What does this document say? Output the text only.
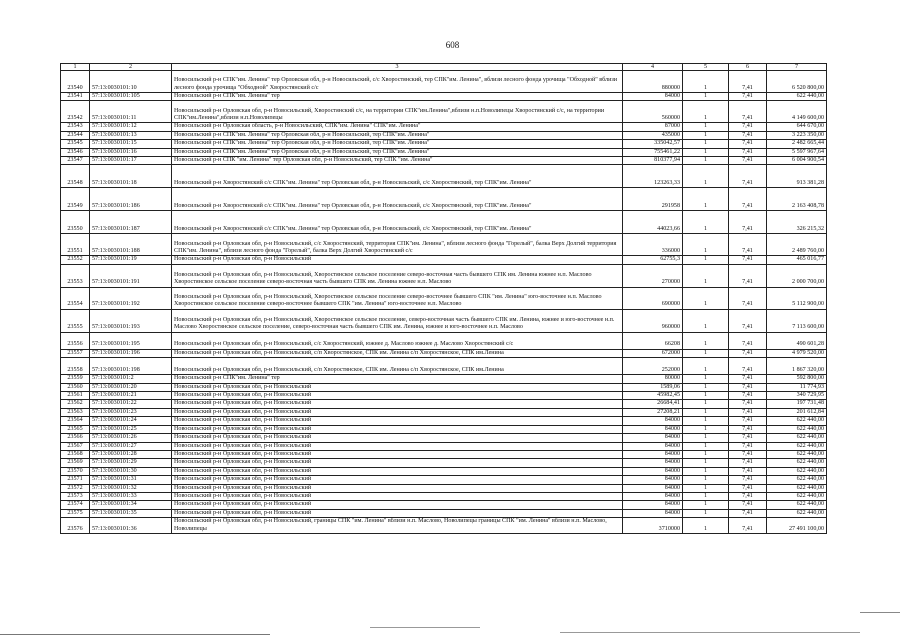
608
1	2	3	4	5	6	7
23540	57:13:0030101:10	Новосильский р-н СПК"им. Ленина" тер Орловская обл, р-н Новосильский, с/с Хворостянский, тер СПК"им. Ленина", вблизи лесного фонда урочища "Обходной" вблизи лесного фонда урочища "Обходной" Хворостянский с/с	880000	1	7,41	6 520 800,00
23541	57:13:0030101:105	Новосильский р-н СПК"им. Ленина" тер	84000	1	7,41	622 440,00
23542	57:13:0030101:11	Новосильский р-н Орловская обл, р-н Новосильский, Хворостянский с/с, на территории СПК"им.Ленина",вблизи н.п.Новолипецы Хворостянский с/с, на территории СПК"им.Ленина",вблизи н.п.Новолипецы	560000	1	7,41	4 149 600,00
23543	57:13:0030101:12	Новосильский р-н Орловская область, р-н Новосильский, СПК"им. Ленина" СПК"им. Ленина"	87000	1	7,41	644 670,00
23544	57:13:0030101:13	Новосильский р-н СПК"им. Ленина" тер Орловская обл, р-н Новосильский, тер СПК"им. Ленина"	435000	1	7,41	3 223 350,00
23545	57:13:0030101:15	Новосильский р-н СПК"им. Ленина" тер Орловская обл, р-н Новосильский, тер СПК"им. Ленина"	335042,57	1	7,41	2 482 665,44
23546	57:13:0030101:16	Новосильский р-н СПК"им. Ленина" тер Орловская обл, р-н Новосильский, тер СПК"им. Ленина"	755461,22	1	7,41	5 597 967,64
23547	57:13:0030101:17	Новосильский р-н СПК "им. Ленина" тер Орловская обл, р-н Новосильский, тер СПК "им. Ленина"	810377,94	1	7,41	6 004 900,54
23548	57:13:0030101:18	Новосильский р-н Хворостянский с/с СПК"им. Ленина" тер Орловская обл, р-н Новосильский, с/с Хворостянский, тер СПК"им. Ленина"	123263,33	1	7,41	913 381,28
23549	57:13:0030101:186	Новосильский р-н Хворостянский с/с СПК"им. Ленина" тер Орловская обл, р-н Новосильский, с/с Хворостянский, тер СПК"им. Ленина"	291958	1	7,41	2 163 408,78
23550	57:13:0030101:187	Новосильский р-н Хворостянский с/с СПК"им. Ленина" тер Орловская обл, р-н Новосильский, с/с Хворостянский, тер СПК"им. Ленина"	44023,66	1	7,41	326 215,32
23551	57:13:0030101:188	Новосильский р-н Орловская обл, р-н Новосильский, с/с Хворостянский, территория СПК"им. Ленина", вблизи лесного фонда "Горелый", балка Верх Долгий территория СПК"им. Ленина", вблизи лесного фонда "Горелый", балка Верх Долгий Хворостянский с/с	336000	1	7,41	2 489 760,00
23552	57:13:0030101:19	Новосильский р-н Орловская обл, р-н Новосильский	62755,3	1	7,41	465 016,77
23553	57:13:0030101:191	Новосильский р-н Орловская обл, р-н Новосильский, Хворостянское сельское поселение северо-восточная часть бывшего СПК им. Ленина южнее н.п. Маслово Хворостянское сельское поселение северо-восточная часть бывшего СПК им. Ленина южнее н.п. Маслово	270000	1	7,41	2 000 700,00
23554	57:13:0030101:192	Новосильский р-н Орловская обл, р-н Новосильский, Хворостянское сельское поселение северо-восточнее бывшего СПК "им. Ленина" юго-восточнее н.п. Маслово Хворостянское сельское поселение северо-восточнее бывшего СПК "им. Ленина" юго-восточнее н.п. Маслово	690000	1	7,41	5 112 900,00
23555	57:13:0030101:193	Новосильский р-н Орловская обл, р-н Новосильский, Хворостянское сельское поселение, северо-восточная часть бывшего СПК им. Ленина, южнее и юго-восточнее н.п. Маслово Хворостянское сельское поселение, северо-восточная часть бывшего СПК им. Ленина, южнее и юго-восточнее н.п. Маслово	960000	1	7,41	7 113 600,00
23556	57:13:0030101:195	Новосильский р-н Орловская обл, р-н Новосильский, с/с Хворостянский, южнее д. Маслово южнее д. Маслово Хворостянский с/с	66208	1	7,41	490 601,28
23557	57:13:0030101:196	Новосильский р-н Орловская обл, р-н Новосильский, с/п Хворостянское, СПК им. Ленина с/п Хворостянское, СПК им.Ленина	672000	1	7,41	4 979 520,00
23558	57:13:0030101:198	Новосильский р-н Орловская обл, р-н Новосильский, с/п Хворостянское, СПК им. Ленина с/п Хворостянское, СПК им.Ленина	252000	1	7,41	1 867 320,00
23559	57:13:0030101:2	Новосильский р-н СПК"им. Ленина" тер	80000	1	7,41	592 800,00
23560	57:13:0030101:20	Новосильский р-н Орловская обл, р-н Новосильский	1589,06	1	7,41	11 774,93
23561	57:13:0030101:21	Новосильский р-н Орловская обл, р-н Новосильский	45982,45	1	7,41	340 729,95
23562	57:13:0030101:22	Новосильский р-н Орловская обл, р-н Новосильский	26684,41	1	7,41	197 731,48
23563	57:13:0030101:23	Новосильский р-н Орловская обл, р-н Новосильский	27208,21	1	7,41	201 612,84
23564	57:13:0030101:24	Новосильский р-н Орловская обл, р-н Новосильский	84000	1	7,41	622 440,00
23565	57:13:0030101:25	Новосильский р-н Орловская обл, р-н Новосильский	84000	1	7,41	622 440,00
23566	57:13:0030101:26	Новосильский р-н Орловская обл, р-н Новосильский	84000	1	7,41	622 440,00
23567	57:13:0030101:27	Новосильский р-н Орловская обл, р-н Новосильский	84000	1	7,41	622 440,00
23568	57:13:0030101:28	Новосильский р-н Орловская обл, р-н Новосильский	84000	1	7,41	622 440,00
23569	57:13:0030101:29	Новосильский р-н Орловская обл, р-н Новосильский	84000	1	7,41	622 440,00
23570	57:13:0030101:30	Новосильский р-н Орловская обл, р-н Новосильский	84000	1	7,41	622 440,00
23571	57:13:0030101:31	Новосильский р-н Орловская обл, р-н Новосильский	84000	1	7,41	622 440,00
23572	57:13:0030101:32	Новосильский р-н Орловская обл, р-н Новосильский	84000	1	7,41	622 440,00
23573	57:13:0030101:33	Новосильский р-н Орловская обл, р-н Новосильский	84000	1	7,41	622 440,00
23574	57:13:0030101:34	Новосильский р-н Орловская обл, р-н Новосильский	84000	1	7,41	622 440,00
23575	57:13:0030101:35	Новосильский р-н Орловская обл, р-н Новосильский	84000	1	7,41	622 440,00
23576	57:13:0030101:36	Новосильский р-н Орловская обл, р-н Новосильский, границы СПК "им. Ленина" вблизи н.п. Маслово, Новолипецы границы СПК "им. Ленина" вблизи н.п. Маслово, Новолипецы	3710000	1	7,41	27 491 100,00
